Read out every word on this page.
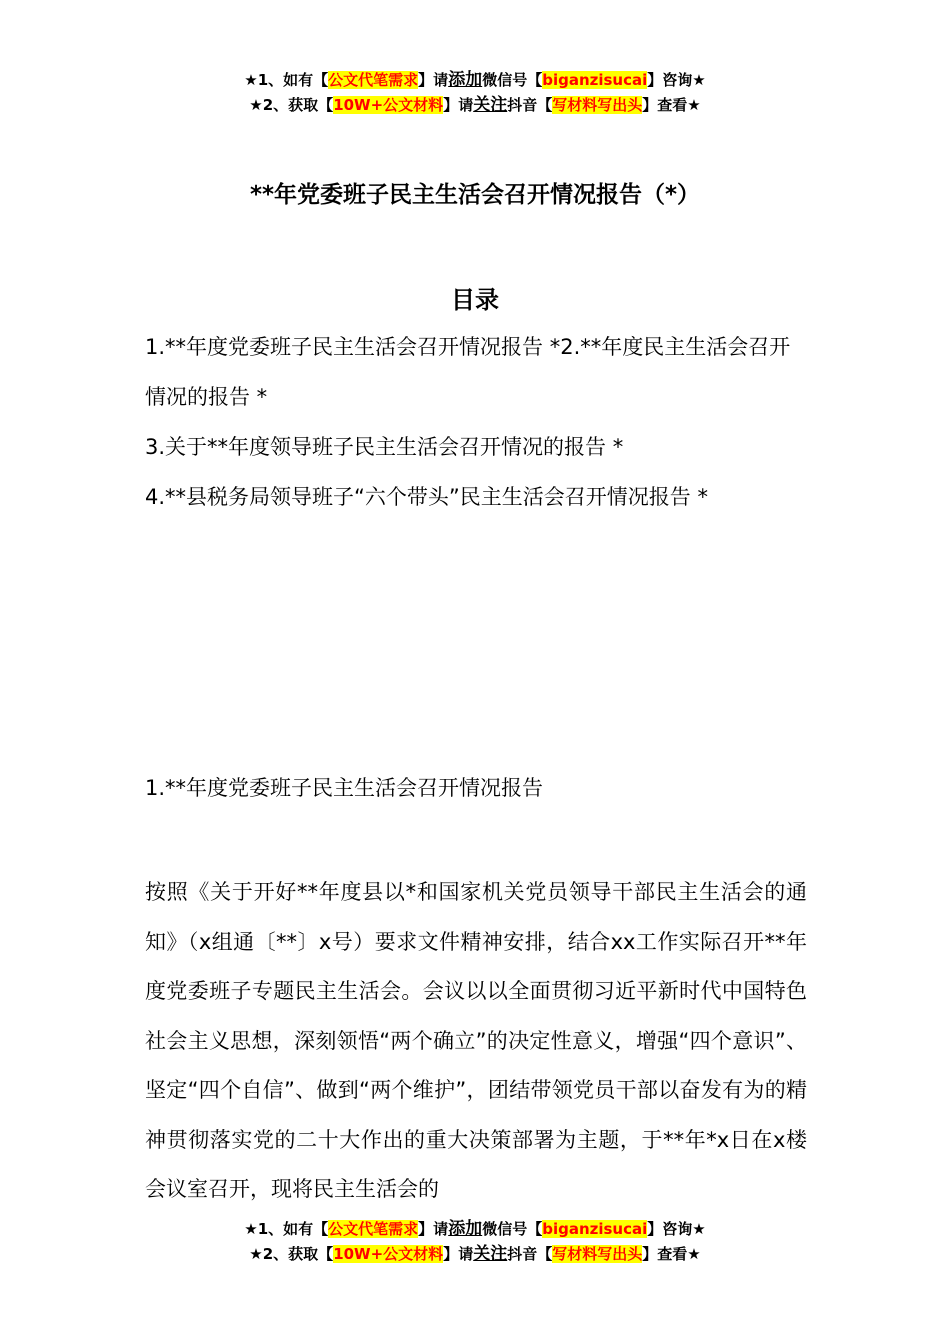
★1、如有【公文代笔需求】请添加微信号【biganzisucai】咨询★
★2、获取【10W+公文材料】请关注抖音【写材料写出头】查看★
**年党委班子民主生活会召开情况报告（*）
目录

1.**年度党委班子民主生活会召开情况报告 *2.**年度民主生活会召开情况的报告 *

3.关于**年度领导班子民主生活会召开情况的报告 *

4.**县税务局领导班子“六个带头”民主生活会召开情况报告 *

1.**年度党委班子民主生活会召开情况报告

按照《关于开好**年度县以*和国家机关党员领导干部民主生活会的通知》（x组通〔**〕x号）要求文件精神安排，结合xx工作实际召开**年度党委班子专题民主生活会。会议以以全面贯彻习近平新时代中国特色社会主义思想，深刻领悟“两个确立”的决定性意义，增强“四个意识”、坚定“四个自信”、做到“两个维护”，团结带领党员干部以奋发有为的精神贯彻落实党的二十大作出的重大决策部署为主题，于**年*x日在x楼会议室召开，现将民主生活会的

★1、如有【公文代笔需求】请添加微信号【biganzisucai】咨询★
★2、获取【10W+公文材料】请关注抖音【写材料写出头】查看★
